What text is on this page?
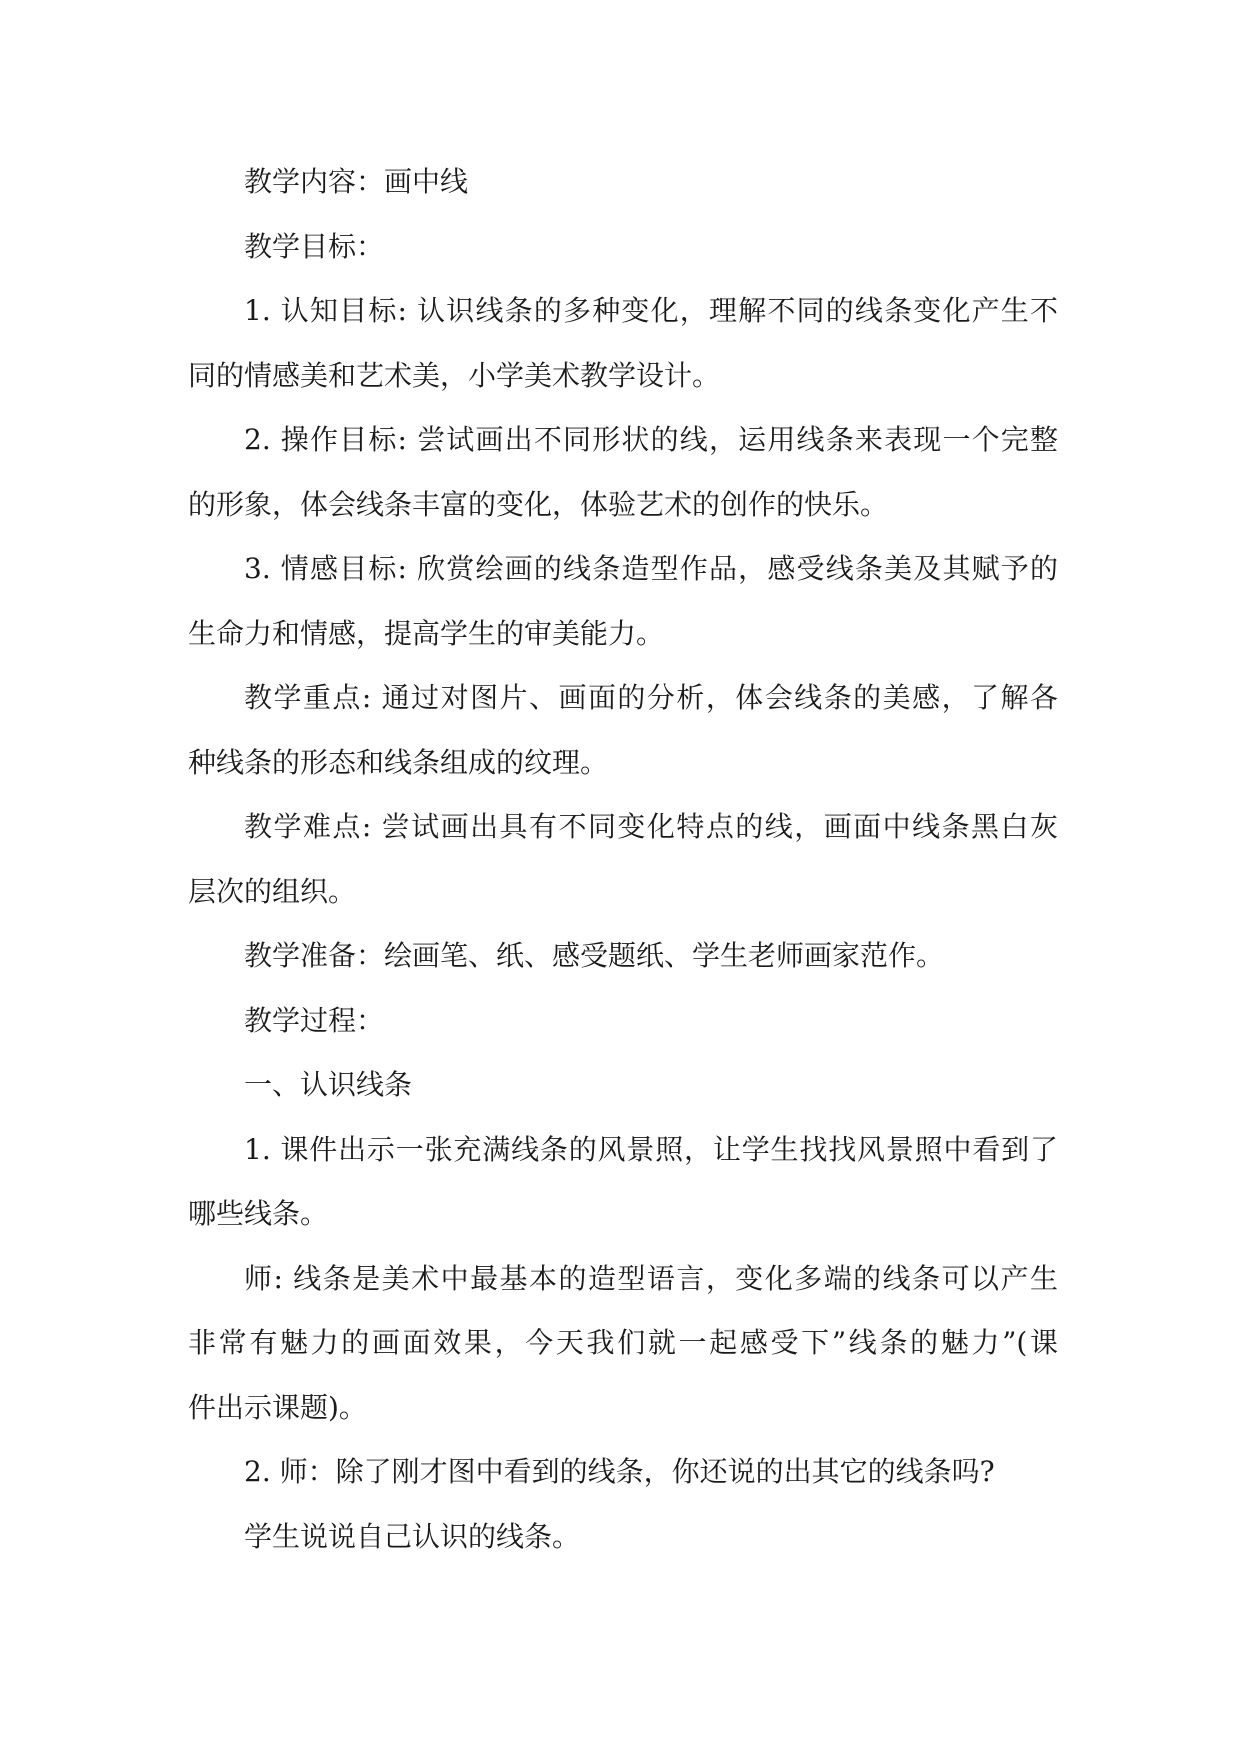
教学内容：画中线
教学目标：
1. 认知目标: 认识线条的多种变化，理解不同的线条变化产生不
同的情感美和艺术美，小学美术教学设计。
2. 操作目标: 尝试画出不同形状的线，运用线条来表现一个完整
的形象，体会线条丰富的变化，体验艺术的创作的快乐。
3. 情感目标: 欣赏绘画的线条造型作品，感受线条美及其赋予的
生命力和情感，提高学生的审美能力。
教学重点: 通过对图片、画面的分析，体会线条的美感，了解各
种线条的形态和线条组成的纹理。
教学难点: 尝试画出具有不同变化特点的线，画面中线条黑白灰
层次的组织。
教学准备：绘画笔、纸、感受题纸、学生老师画家范作。
教学过程：
一、认识线条
1. 课件出示一张充满线条的风景照，让学生找找风景照中看到了
哪些线条。
师: 线条是美术中最基本的造型语言，变化多端的线条可以产生
非常有魅力的画面效果，今天我们就一起感受下”线条的魅力”(课
件出示课题)。
2. 师：除了刚才图中看到的线条，你还说的出其它的线条吗?
学生说说自己认识的线条。
